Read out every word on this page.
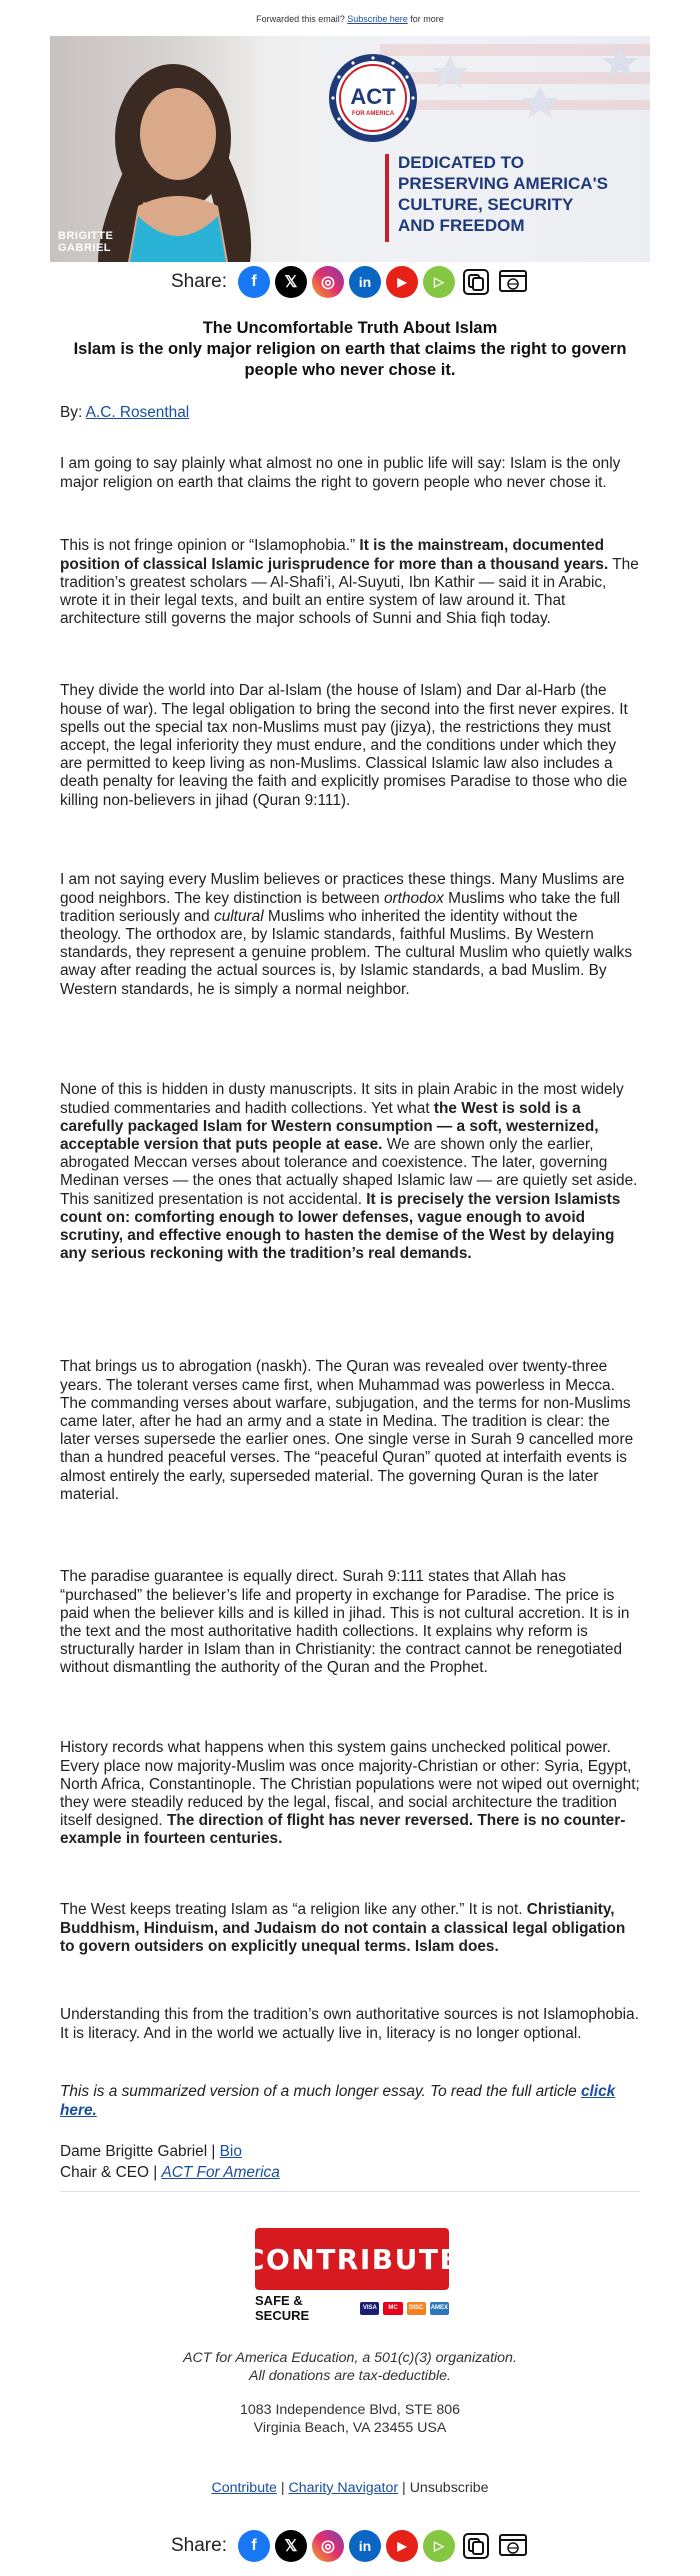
Forwarded this email? Subscribe here for more
BRIGITTE
GABRIEL
ACT
FOR AMERICA
DEDICATED TO
PRESERVING AMERICA'S
CULTURE, SECURITY
AND FREEDOM
Share:	f	𝕏	◎	in	▶	▷
The Uncomfortable Truth About Islam
Islam is the only major religion on earth that claims the right to govern people who never chose it.
By: A.C. Rosenthal

I am going to say plainly what almost no one in public life will say: Islam is the only major religion on earth that claims the right to govern people who never chose it.

This is not fringe opinion or “Islamophobia.” It is the mainstream, documented position of classical Islamic jurisprudence for more than a thousand years. The tradition’s greatest scholars — Al-Shafi’i, Al-Suyuti, Ibn Kathir — said it in Arabic, wrote it in their legal texts, and built an entire system of law around it. That architecture still governs the major schools of Sunni and Shia fiqh today.

They divide the world into Dar al-Islam (the house of Islam) and Dar al-Harb (the house of war). The legal obligation to bring the second into the first never expires. It spells out the special tax non-Muslims must pay (jizya), the restrictions they must accept, the legal inferiority they must endure, and the conditions under which they are permitted to keep living as non-Muslims. Classical Islamic law also includes a death penalty for leaving the faith and explicitly promises Paradise to those who die killing non-believers in jihad (Quran 9:111).

I am not saying every Muslim believes or practices these things. Many Muslims are good neighbors. The key distinction is between orthodox Muslims who take the full tradition seriously and cultural Muslims who inherited the identity without the theology. The orthodox are, by Islamic standards, faithful Muslims. By Western standards, they represent a genuine problem. The cultural Muslim who quietly walks away after reading the actual sources is, by Islamic standards, a bad Muslim. By Western standards, he is simply a normal neighbor.

None of this is hidden in dusty manuscripts. It sits in plain Arabic in the most widely studied commentaries and hadith collections. Yet what the West is sold is a carefully packaged Islam for Western consumption — a soft, westernized, acceptable version that puts people at ease. We are shown only the earlier, abrogated Meccan verses about tolerance and coexistence. The later, governing Medinan verses — the ones that actually shaped Islamic law — are quietly set aside. This sanitized presentation is not accidental. It is precisely the version Islamists count on: comforting enough to lower defenses, vague enough to avoid scrutiny, and effective enough to hasten the demise of the West by delaying any serious reckoning with the tradition’s real demands.

That brings us to abrogation (naskh). The Quran was revealed over twenty-three years. The tolerant verses came first, when Muhammad was powerless in Mecca. The commanding verses about warfare, subjugation, and the terms for non-Muslims came later, after he had an army and a state in Medina. The tradition is clear: the later verses supersede the earlier ones. One single verse in Surah 9 cancelled more than a hundred peaceful verses. The “peaceful Quran” quoted at interfaith events is almost entirely the early, superseded material. The governing Quran is the later material.

The paradise guarantee is equally direct. Surah 9:111 states that Allah has “purchased” the believer’s life and property in exchange for Paradise. The price is paid when the believer kills and is killed in jihad. This is not cultural accretion. It is in the text and the most authoritative hadith collections. It explains why reform is structurally harder in Islam than in Christianity: the contract cannot be renegotiated without dismantling the authority of the Quran and the Prophet.

History records what happens when this system gains unchecked political power. Every place now majority-Muslim was once majority-Christian or other: Syria, Egypt, North Africa, Constantinople. The Christian populations were not wiped out overnight; they were steadily reduced by the legal, fiscal, and social architecture the tradition itself designed. The direction of flight has never reversed. There is no counter-example in fourteen centuries.

The West keeps treating Islam as “a religion like any other.” It is not. Christianity, Buddhism, Hinduism, and Judaism do not contain a classical legal obligation to govern outsiders on explicitly unequal terms. Islam does.

Understanding this from the tradition’s own authoritative sources is not Islamophobia. It is literacy. And in the world we actually live in, literacy is no longer optional.

This is a summarized version of a much longer essay. To read the full article click here.

Dame Brigitte Gabriel | Bio

Chair & CEO | ACT For America

CONTRIBUTE
SAFE & SECURE	VISA	MC	DISC	AMEX
ACT for America Education, a 501(c)(3) organization.
All donations are tax-deductible.
1083 Independence Blvd, STE 806
Virginia Beach, VA 23455 USA
Contribute | Charity Navigator | Unsubscribe
Share:	f	𝕏	◎	in	▶	▷
